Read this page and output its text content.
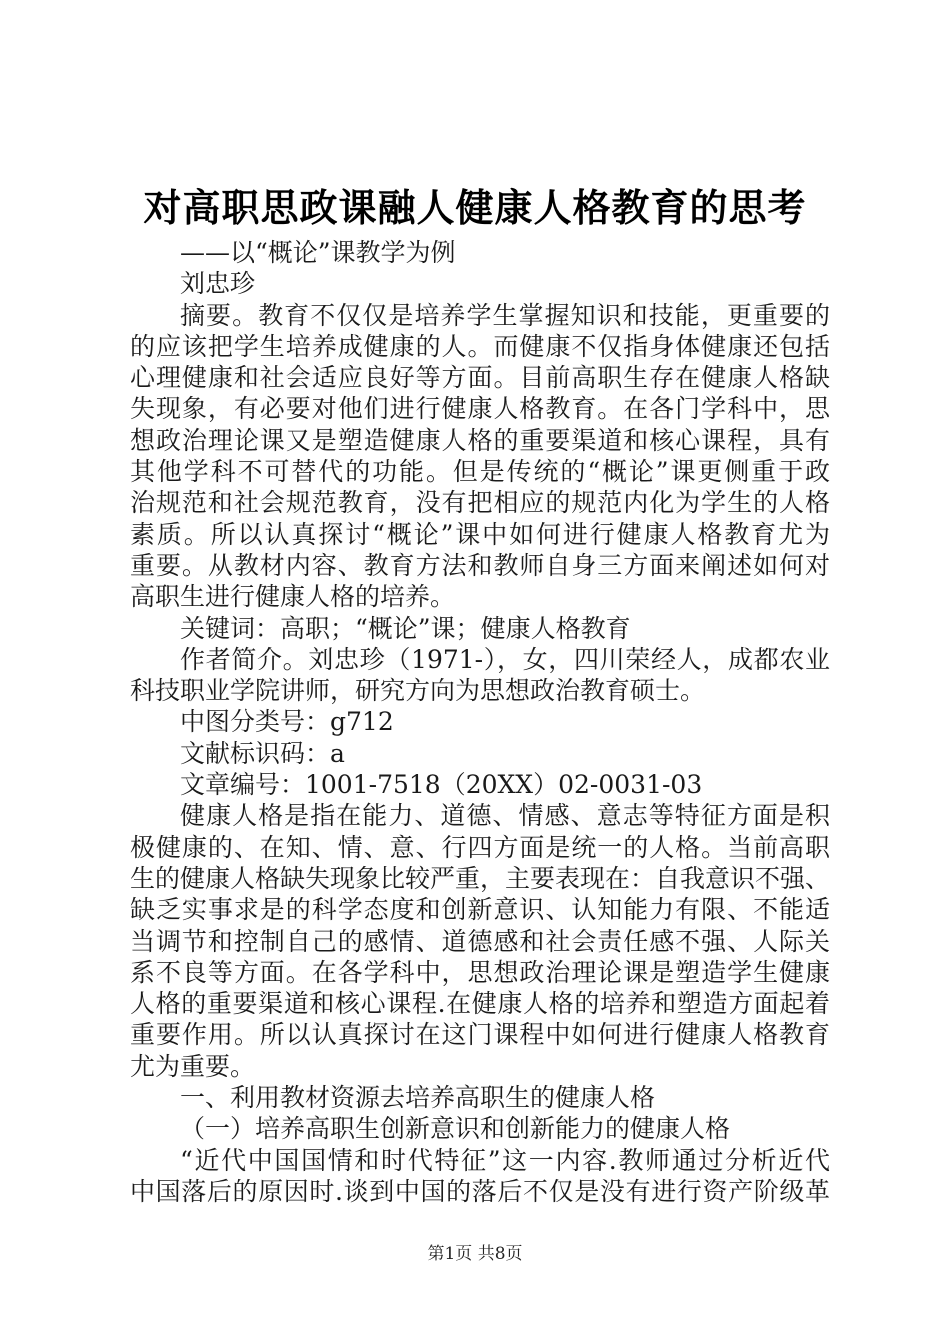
对高职思政课融人健康人格教育的思考
——以“概论”课教学为例
刘忠珍
摘要。教育不仅仅是培养学生掌握知识和技能，更重要的
的应该把学生培养成健康的人。而健康不仅指身体健康还包括
心理健康和社会适应良好等方面。目前高职生存在健康人格缺
失现象，有必要对他们进行健康人格教育。在各门学科中，思
想政治理论课又是塑造健康人格的重要渠道和核心课程，具有
其他学科不可替代的功能。但是传统的“概论”课更侧重于政
治规范和社会规范教育，没有把相应的规范内化为学生的人格
素质。所以认真探讨“概论”课中如何进行健康人格教育尤为
重要。从教材内容、教育方法和教师自身三方面来阐述如何对
高职生进行健康人格的培养。
关键词：高职；“概论”课；健康人格教育
作者简介。刘忠珍（1971-），女，四川荣经人，成都农业
科技职业学院讲师，研究方向为思想政治教育硕士。
中图分类号：g712
文献标识码：a
文章编号：1001-7518（20XX）02-0031-03
健康人格是指在能力、道德、情感、意志等特征方面是积
极健康的、在知、情、意、行四方面是统一的人格。当前高职
生的健康人格缺失现象比较严重，主要表现在：自我意识不强、
缺乏实事求是的科学态度和创新意识、认知能力有限、不能适
当调节和控制自己的感情、道德感和社会责任感不强、人际关
系不良等方面。在各学科中，思想政治理论课是塑造学生健康
人格的重要渠道和核心课程.在健康人格的培养和塑造方面起着
重要作用。所以认真探讨在这门课程中如何进行健康人格教育
尤为重要。
一、利用教材资源去培养高职生的健康人格
（一）培养高职生创新意识和创新能力的健康人格
“近代中国国情和时代特征”这一内容.教师通过分析近代
中国落后的原因时.谈到中国的落后不仅是没有进行资产阶级革
第1页 共8页
